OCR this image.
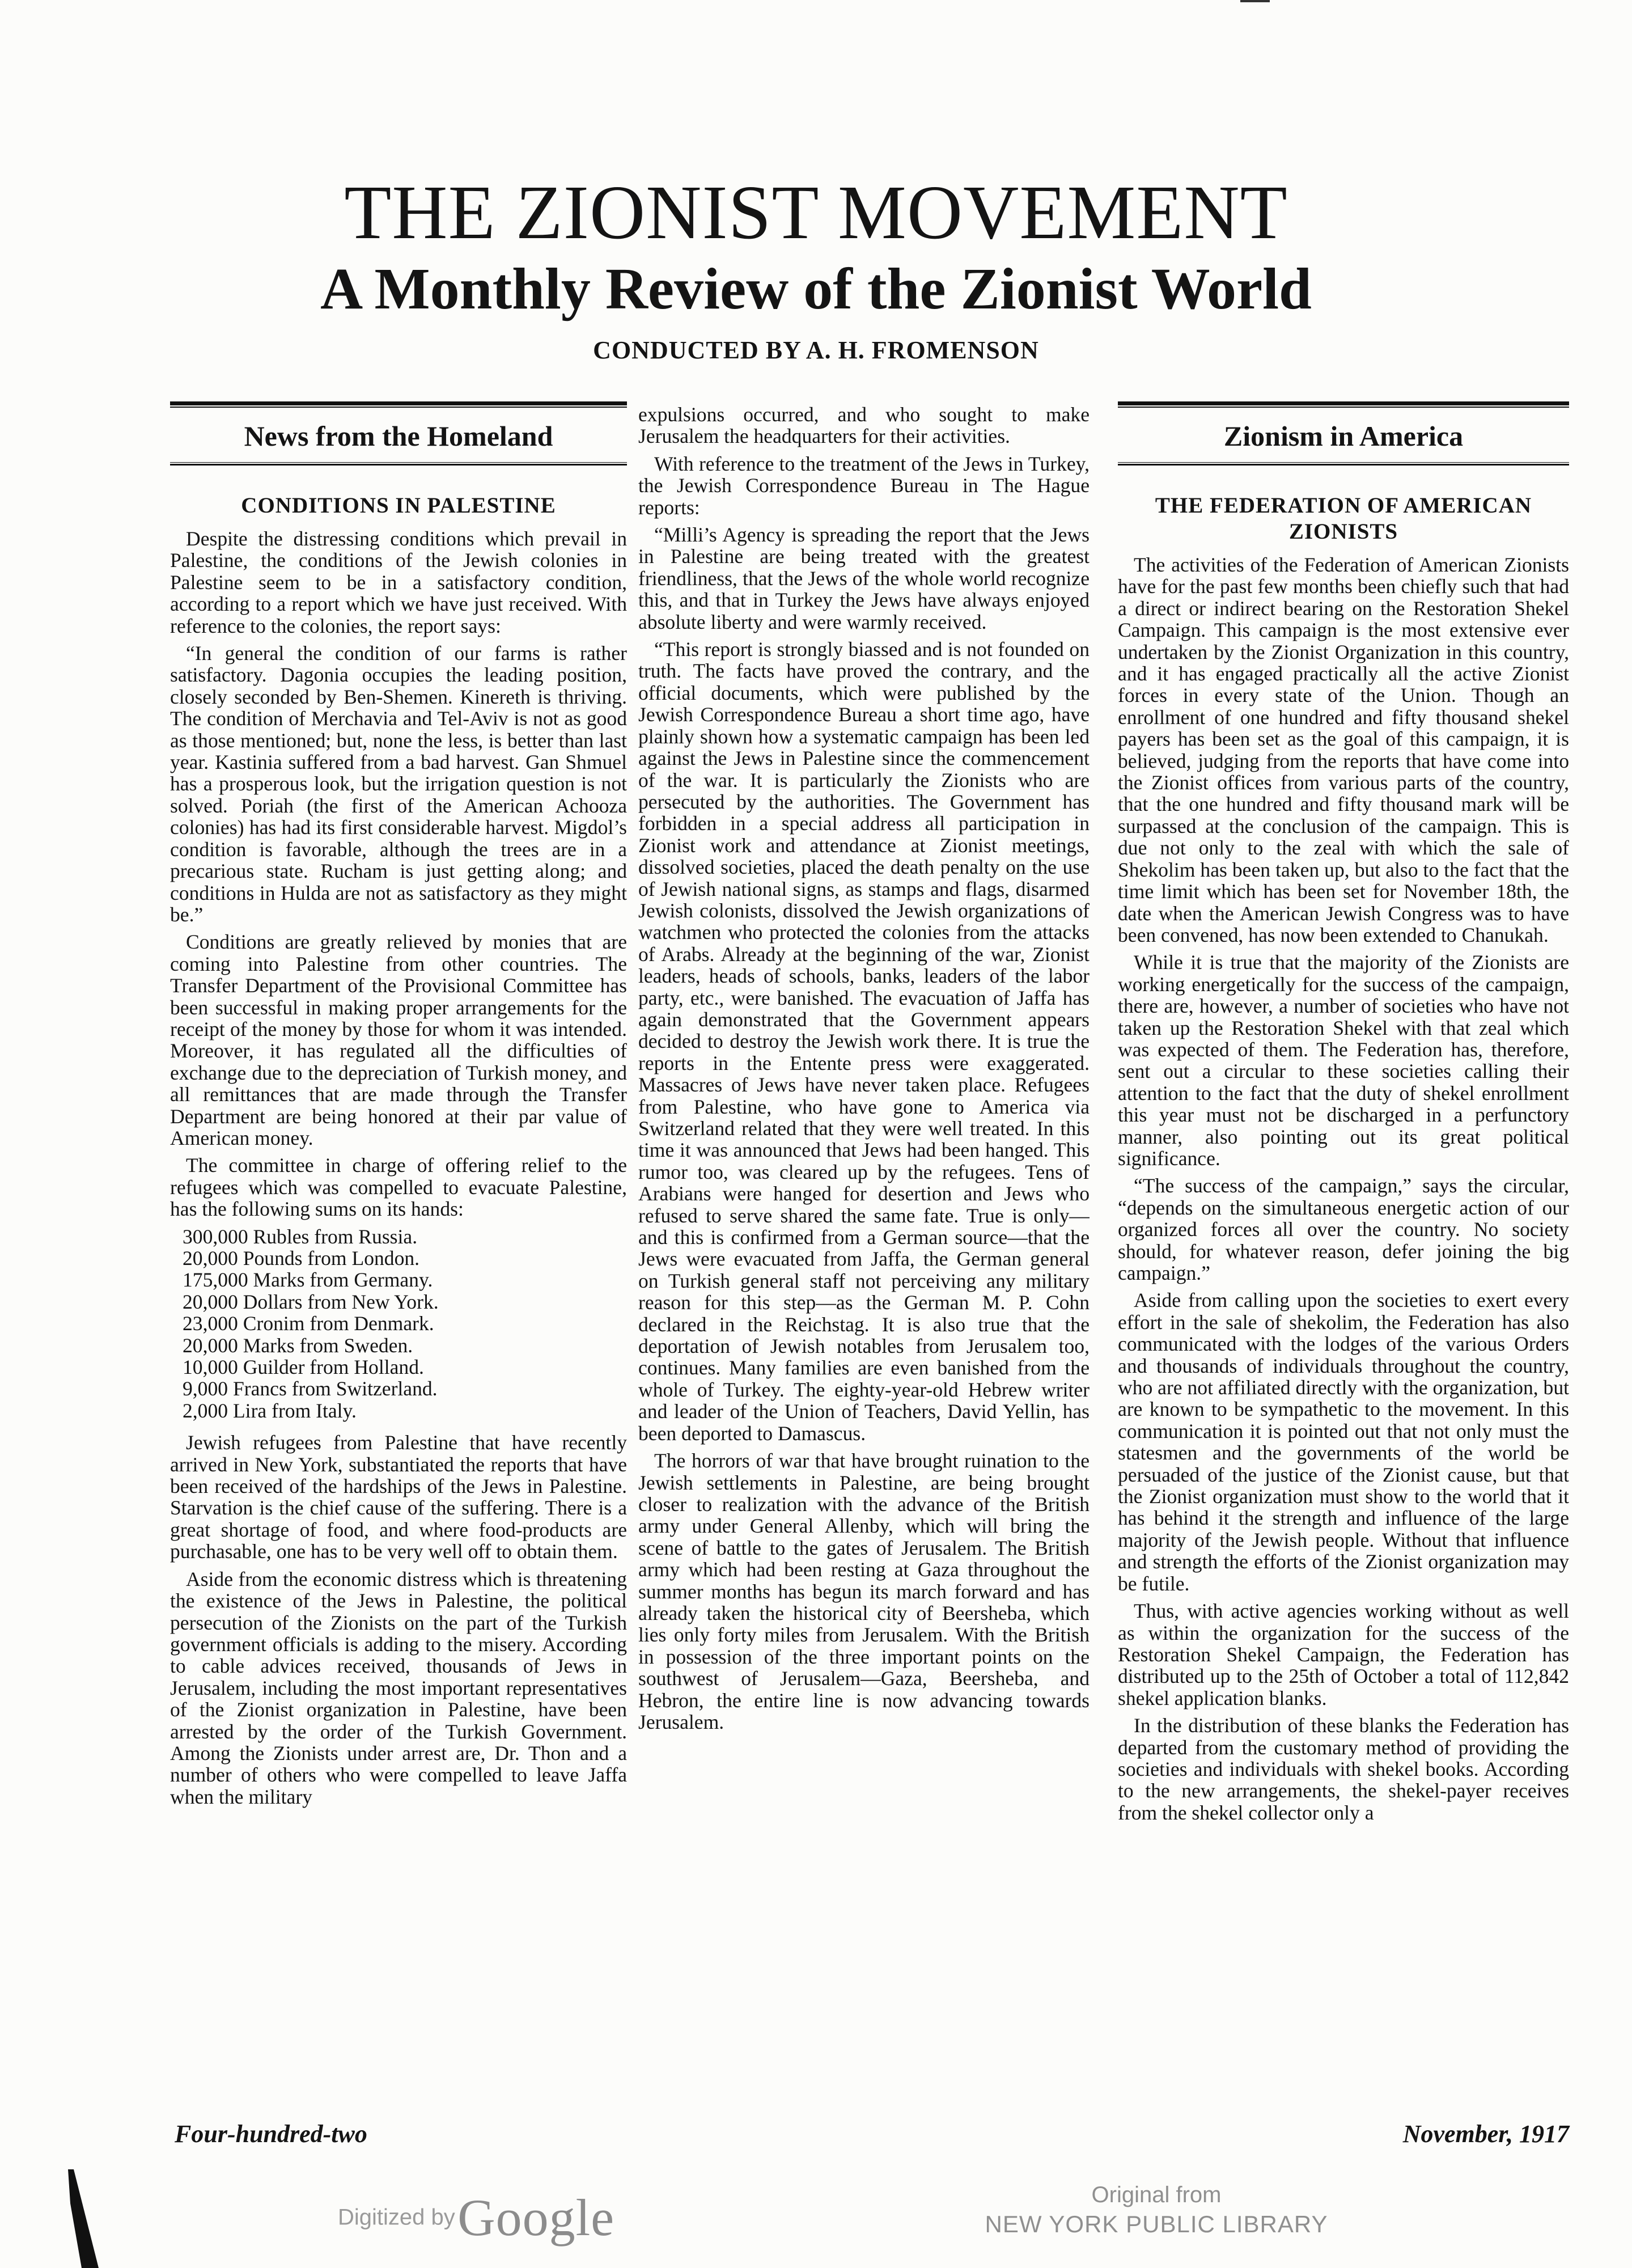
THE ZIONIST MOVEMENT
A Monthly Review of the Zionist World
CONDUCTED BY A. H. FROMENSON
News from the Homeland
CONDITIONS IN PALESTINE

Despite the distressing conditions which prevail in Palestine, the conditions of the Jewish colonies in Palestine seem to be in a satisfactory condition, according to a report which we have just received. With reference to the colonies, the report says:

“In general the condition of our farms is rather satisfactory. Dagonia occupies the leading position, closely seconded by Ben-Shemen. Kinereth is thriving. The condition of Merchavia and Tel-Aviv is not as good as those mentioned; but, none the less, is better than last year. Kastinia suffered from a bad harvest. Gan Shmuel has a prosperous look, but the irrigation question is not solved. Poriah (the first of the American Achooza colonies) has had its first considerable harvest. Migdol’s condition is favorable, although the trees are in a precarious state. Rucham is just getting along; and conditions in Hulda are not as satisfactory as they might be.”

Conditions are greatly relieved by monies that are coming into Palestine from other countries. The Transfer Department of the Provisional Committee has been successful in making proper arrangements for the receipt of the money by those for whom it was intended. Moreover, it has regulated all the difficulties of exchange due to the depreciation of Turkish money, and all remittances that are made through the Transfer Department are being honored at their par value of American money.

The committee in charge of offering relief to the refugees which was compelled to evacuate Palestine, has the following sums on its hands:

300,000 Rubles from Russia.
20,000 Pounds from London.
175,000 Marks from Germany.
20,000 Dollars from New York.
23,000 Cronim from Denmark.
20,000 Marks from Sweden.
10,000 Guilder from Holland.
9,000 Francs from Switzerland.
2,000 Lira from Italy.

Jewish refugees from Palestine that have recently arrived in New York, substantiated the reports that have been received of the hardships of the Jews in Palestine. Starvation is the chief cause of the suffering. There is a great shortage of food, and where food-products are purchasable, one has to be very well off to obtain them.

Aside from the economic distress which is threatening the existence of the Jews in Palestine, the political persecution of the Zionists on the part of the Turkish government officials is adding to the misery. According to cable advices received, thousands of Jews in Jerusalem, including the most important representatives of the Zionist organization in Palestine, have been arrested by the order of the Turkish Government. Among the Zionists under arrest are, Dr. Thon and a number of others who were compelled to leave Jaffa when the military

expulsions occurred, and who sought to make Jerusalem the headquarters for their activities.

With reference to the treatment of the Jews in Turkey, the Jewish Correspondence Bureau in The Hague reports:

“Milli’s Agency is spreading the report that the Jews in Palestine are being treated with the greatest friendliness, that the Jews of the whole world recognize this, and that in Turkey the Jews have always enjoyed absolute liberty and were warmly received.

“This report is strongly biassed and is not founded on truth. The facts have proved the contrary, and the official documents, which were published by the Jewish Correspondence Bureau a short time ago, have plainly shown how a systematic campaign has been led against the Jews in Palestine since the commencement of the war. It is particularly the Zionists who are persecuted by the authorities. The Government has forbidden in a special address all participation in Zionist work and attendance at Zionist meetings, dissolved societies, placed the death penalty on the use of Jewish national signs, as stamps and flags, disarmed Jewish colonists, dissolved the Jewish organizations of watchmen who protected the colonies from the attacks of Arabs. Already at the beginning of the war, Zionist leaders, heads of schools, banks, leaders of the labor party, etc., were banished. The evacuation of Jaffa has again demonstrated that the Government appears decided to destroy the Jewish work there. It is true the reports in the Entente press were exaggerated. Massacres of Jews have never taken place. Refugees from Palestine, who have gone to America via Switzerland related that they were well treated. In this time it was announced that Jews had been hanged. This rumor too, was cleared up by the refugees. Tens of Arabians were hanged for desertion and Jews who refused to serve shared the same fate. True is only—and this is confirmed from a German source—that the Jews were evacuated from Jaffa, the German general on Turkish general staff not perceiving any military reason for this step—as the German M. P. Cohn declared in the Reichstag. It is also true that the deportation of Jewish notables from Jerusalem too, continues. Many families are even banished from the whole of Turkey. The eighty-year-old Hebrew writer and leader of the Union of Teachers, David Yellin, has been deported to Damascus.

The horrors of war that have brought ruination to the Jewish settlements in Palestine, are being brought closer to realization with the advance of the British army under General Allenby, which will bring the scene of battle to the gates of Jerusalem. The British army which had been resting at Gaza throughout the summer months has begun its march forward and has already taken the historical city of Beersheba, which lies only forty miles from Jerusalem. With the British in possession of the three important points on the southwest of Jerusalem—Gaza, Beersheba, and Hebron, the entire line is now advancing towards Jerusalem.

Zionism in America
THE FEDERATION OF AMERICAN ZIONISTS

The activities of the Federation of American Zionists have for the past few months been chiefly such that had a direct or indirect bearing on the Restoration Shekel Campaign. This campaign is the most extensive ever undertaken by the Zionist Organization in this country, and it has engaged practically all the active Zionist forces in every state of the Union. Though an enrollment of one hundred and fifty thousand shekel payers has been set as the goal of this campaign, it is believed, judging from the reports that have come into the Zionist offices from various parts of the country, that the one hundred and fifty thousand mark will be surpassed at the conclusion of the campaign. This is due not only to the zeal with which the sale of Shekolim has been taken up, but also to the fact that the time limit which has been set for November 18th, the date when the American Jewish Congress was to have been convened, has now been extended to Chanukah.

While it is true that the majority of the Zionists are working energetically for the success of the campaign, there are, however, a number of societies who have not taken up the Restoration Shekel with that zeal which was expected of them. The Federation has, therefore, sent out a circular to these societies calling their attention to the fact that the duty of shekel enrollment this year must not be discharged in a perfunctory manner, also pointing out its great political significance.

“The success of the campaign,” says the circular, “depends on the simultaneous energetic action of our organized forces all over the country. No society should, for whatever reason, defer joining the big campaign.”

Aside from calling upon the societies to exert every effort in the sale of shekolim, the Federation has also communicated with the lodges of the various Orders and thousands of individuals throughout the country, who are not affiliated directly with the organization, but are known to be sympathetic to the movement. In this communication it is pointed out that not only must the statesmen and the governments of the world be persuaded of the justice of the Zionist cause, but that the Zionist organization must show to the world that it has behind it the strength and influence of the large majority of the Jewish people. Without that influence and strength the efforts of the Zionist organization may be futile.

Thus, with active agencies working without as well as within the organization for the success of the Restoration Shekel Campaign, the Federation has distributed up to the 25th of October a total of 112,842 shekel application blanks.

In the distribution of these blanks the Federation has departed from the customary method of providing the societies and individuals with shekel books. According to the new arrangements, the shekel-payer receives from the shekel collector only a

Four-hundred-two	November, 1917
Digitized by Google	Original from
NEW YORK PUBLIC LIBRARY
